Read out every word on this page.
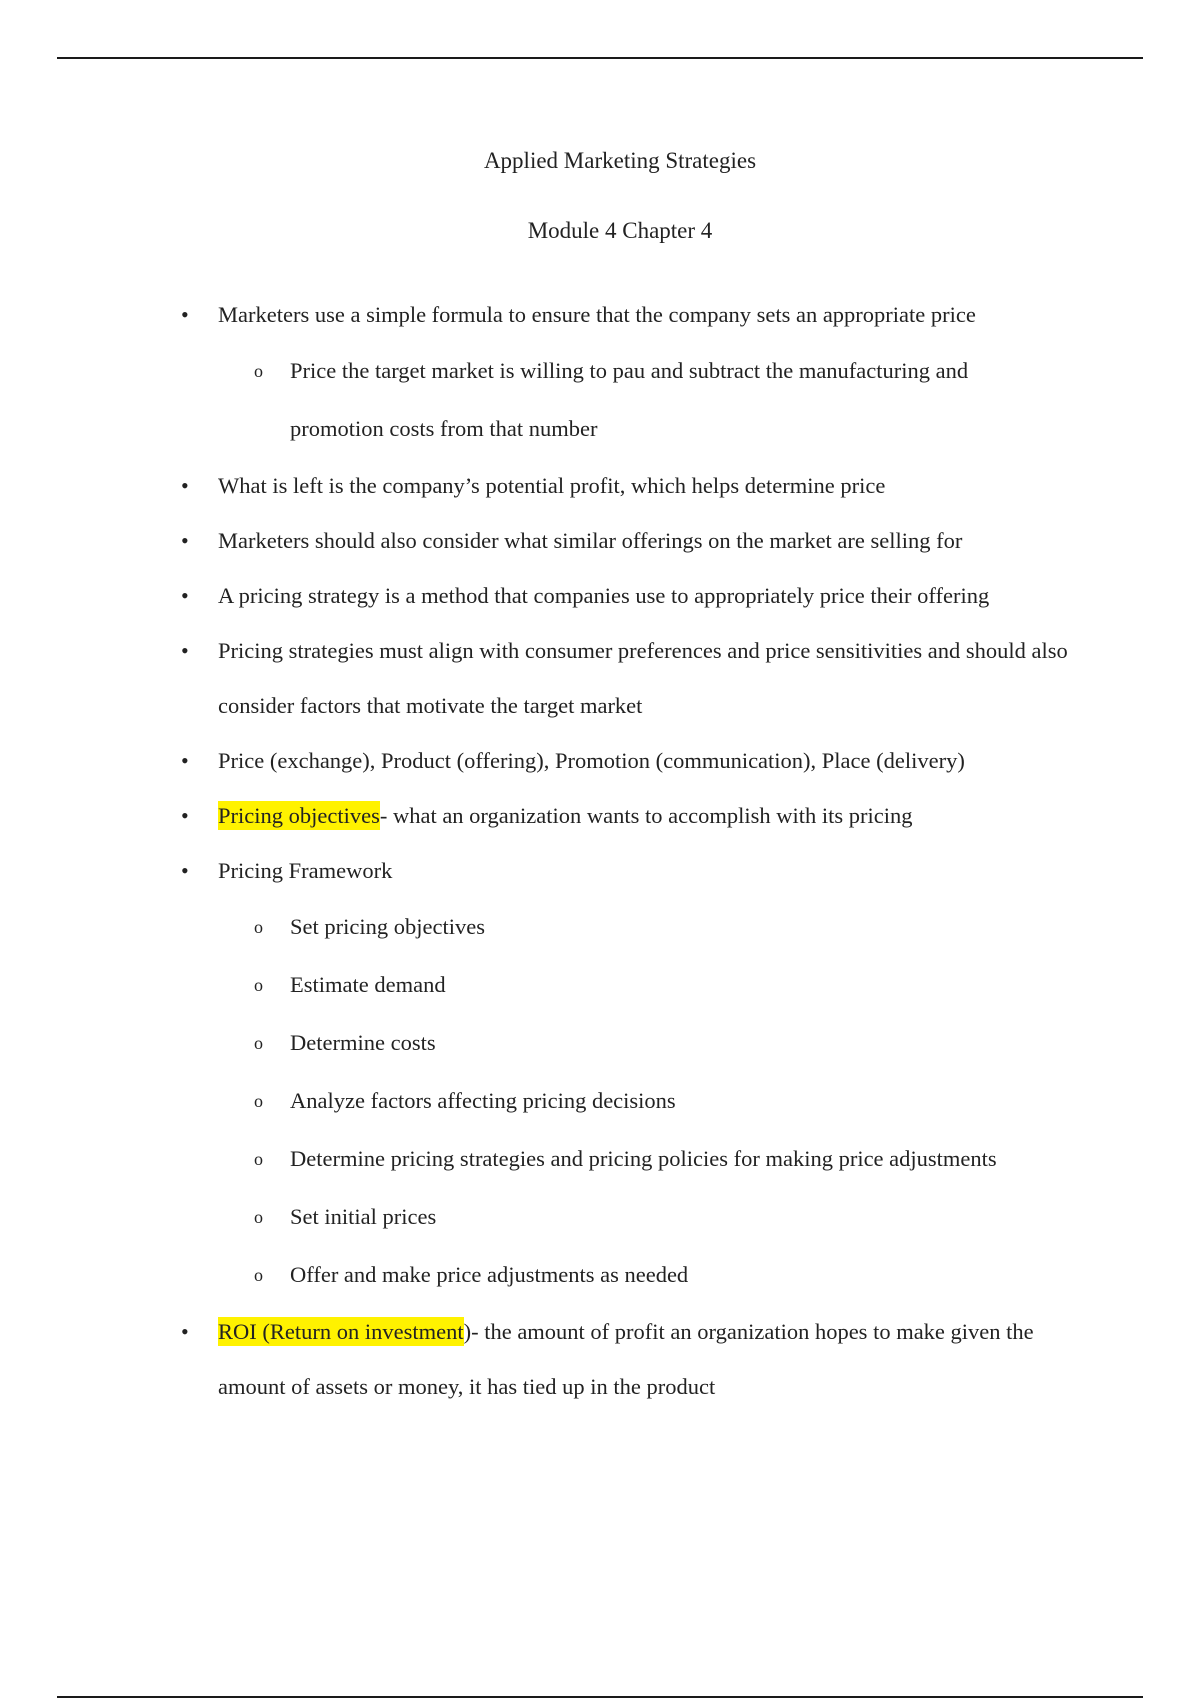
Applied Marketing Strategies
Module 4 Chapter 4
• Marketers use a simple formula to ensure that the company sets an appropriate price
o Price the target market is willing to pau and subtract the manufacturing and promotion costs from that number
• What is left is the company’s potential profit, which helps determine price
• Marketers should also consider what similar offerings on the market are selling for
• A pricing strategy is a method that companies use to appropriately price their offering
• Pricing strategies must align with consumer preferences and price sensitivities and should also consider factors that motivate the target market
• Price (exchange), Product (offering), Promotion (communication), Place (delivery)
• Pricing objectives- what an organization wants to accomplish with its pricing
• Pricing Framework
o Set pricing objectives
o Estimate demand
o Determine costs
o Analyze factors affecting pricing decisions
o Determine pricing strategies and pricing policies for making price adjustments
o Set initial prices
o Offer and make price adjustments as needed
• ROI (Return on investment)- the amount of profit an organization hopes to make given the amount of assets or money, it has tied up in the product
